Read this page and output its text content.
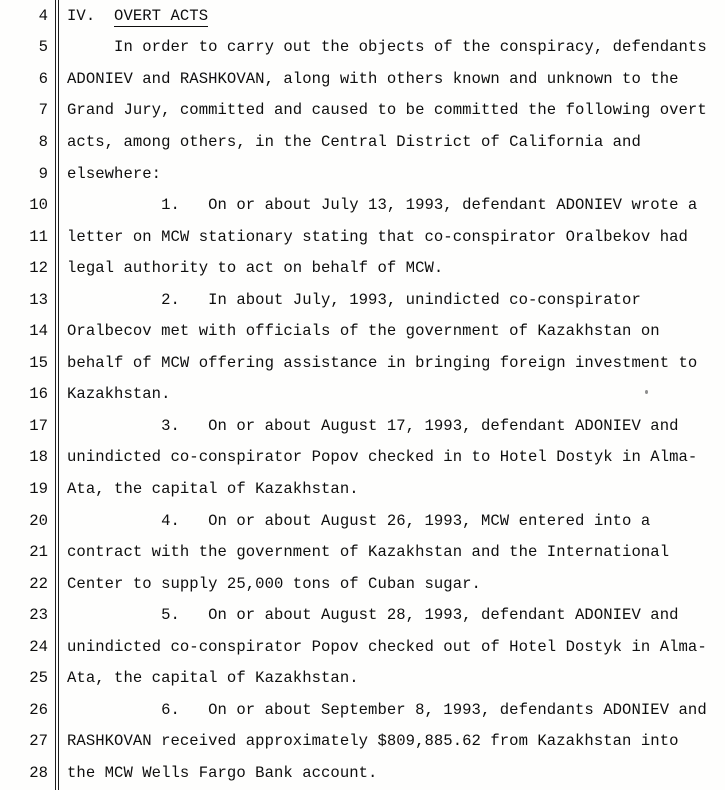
4	IV.  OVERT ACTS
5	In order to carry out the objects of the conspiracy, defendants
6	ADONIEV and RASHKOVAN, along with others known and unknown to the
7	Grand Jury, committed and caused to be committed the following overt
8	acts, among others, in the Central District of California and
9	elsewhere:
10	1.   On or about July 13, 1993, defendant ADONIEV wrote a
11	letter on MCW stationary stating that co-conspirator Oralbekov had
12	legal authority to act on behalf of MCW.
13	2.   In about July, 1993, unindicted co-conspirator
14	Oralbecov met with officials of the government of Kazakhstan on
15	behalf of MCW offering assistance in bringing foreign investment to
16	Kazakhstan.
17	3.   On or about August 17, 1993, defendant ADONIEV and
18	unindicted co-conspirator Popov checked in to Hotel Dostyk in Alma-
19	Ata, the capital of Kazakhstan.
20	4.   On or about August 26, 1993, MCW entered into a
21	contract with the government of Kazakhstan and the International
22	Center to supply 25,000 tons of Cuban sugar.
23	5.   On or about August 28, 1993, defendant ADONIEV and
24	unindicted co-conspirator Popov checked out of Hotel Dostyk in Alma-
25	Ata, the capital of Kazakhstan.
26	6.   On or about September 8, 1993, defendants ADONIEV and
27	RASHKOVAN received approximately $809,885.62 from Kazakhstan into
28	the MCW Wells Fargo Bank account.
